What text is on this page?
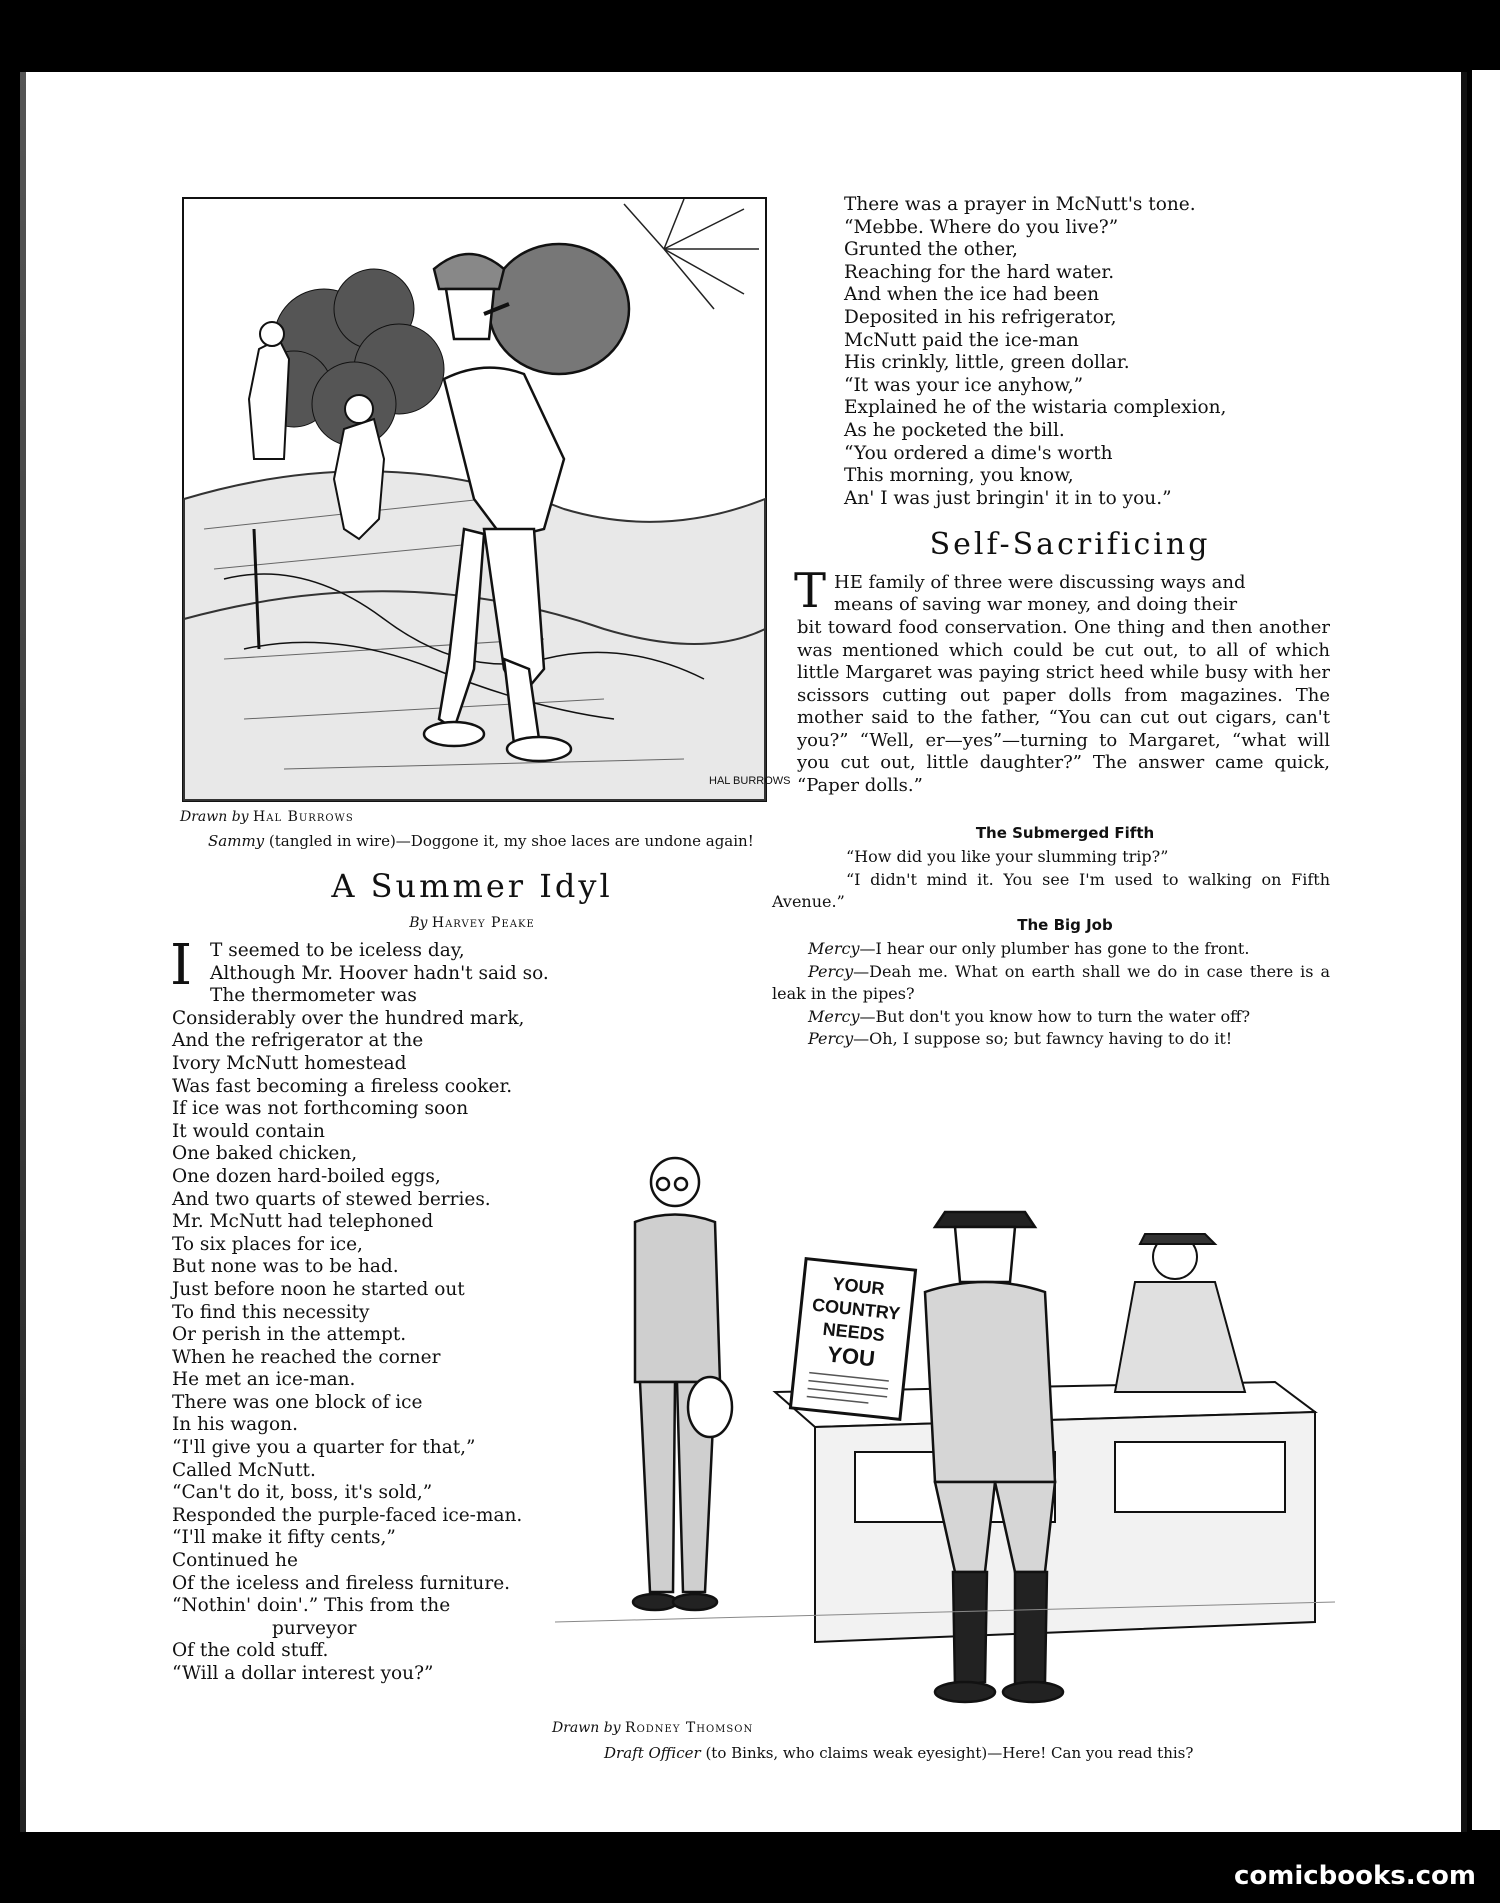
HAL BURROWS
Drawn by Hal Burrows
Sammy (tangled in wire)—Doggone it, my shoe laces are undone again!
A Summer Idyl
By Harvey Peake
I T seemed to be iceless day,
Although Mr. Hoover hadn't said so.
The thermometer was
Considerably over the hundred mark,
And the refrigerator at the
Ivory McNutt homestead
Was fast becoming a fireless cooker.
If ice was not forthcoming soon
It would contain
One baked chicken,
One dozen hard-boiled eggs,
And two quarts of stewed berries.
Mr. McNutt had telephoned
To six places for ice,
But none was to be had.
Just before noon he started out
To find this necessity
Or perish in the attempt.
When he reached the corner
He met an ice-man.
There was one block of ice
In his wagon.
“I'll give you a quarter for that,”
Called McNutt.
“Can't do it, boss, it's sold,”
Responded the purple-faced ice-man.
“I'll make it fifty cents,”
Continued he
Of the iceless and fireless furniture.
“Nothin' doin'.” This from the
purveyor
Of the cold stuff.
“Will a dollar interest you?”
There was a prayer in McNutt's tone.
“Mebbe. Where do you live?”
Grunted the other,
Reaching for the hard water.
And when the ice had been
Deposited in his refrigerator,
McNutt paid the ice-man
His crinkly, little, green dollar.
“It was your ice anyhow,”
Explained he of the wistaria complexion,
As he pocketed the bill.
“You ordered a dime's worth
This morning, you know,
An' I was just bringin' it in to you.”
Self-Sacrificing
T HE family of three were discussing ways and
means of saving war money, and doing their
bit toward food conservation. One thing and then another was mentioned which could be cut out, to all of which little Margaret was paying strict heed while busy with her scissors cutting out paper dolls from magazines. The mother said to the father, “You can cut out cigars, can't you?” “Well, er—yes”—turning to Margaret, “what will you cut out, little daughter?” The answer came quick, “Paper dolls.”
The Submerged Fifth
“How did you like your slumming trip?”
“I didn't mind it. You see I'm used to walking on Fifth Avenue.”
The Big Job
Mercy—I hear our only plumber has gone to the front.
Percy—Deah me. What on earth shall we do in case there is a leak in the pipes?
Mercy—But don't you know how to turn the water off?
Percy—Oh, I suppose so; but fawncy having to do it!
YOUR
COUNTRY
NEEDS
YOU
Drawn by Rodney Thomson
Draft Officer (to Binks, who claims weak eyesight)—Here! Can you read this?
comicbooks.com
